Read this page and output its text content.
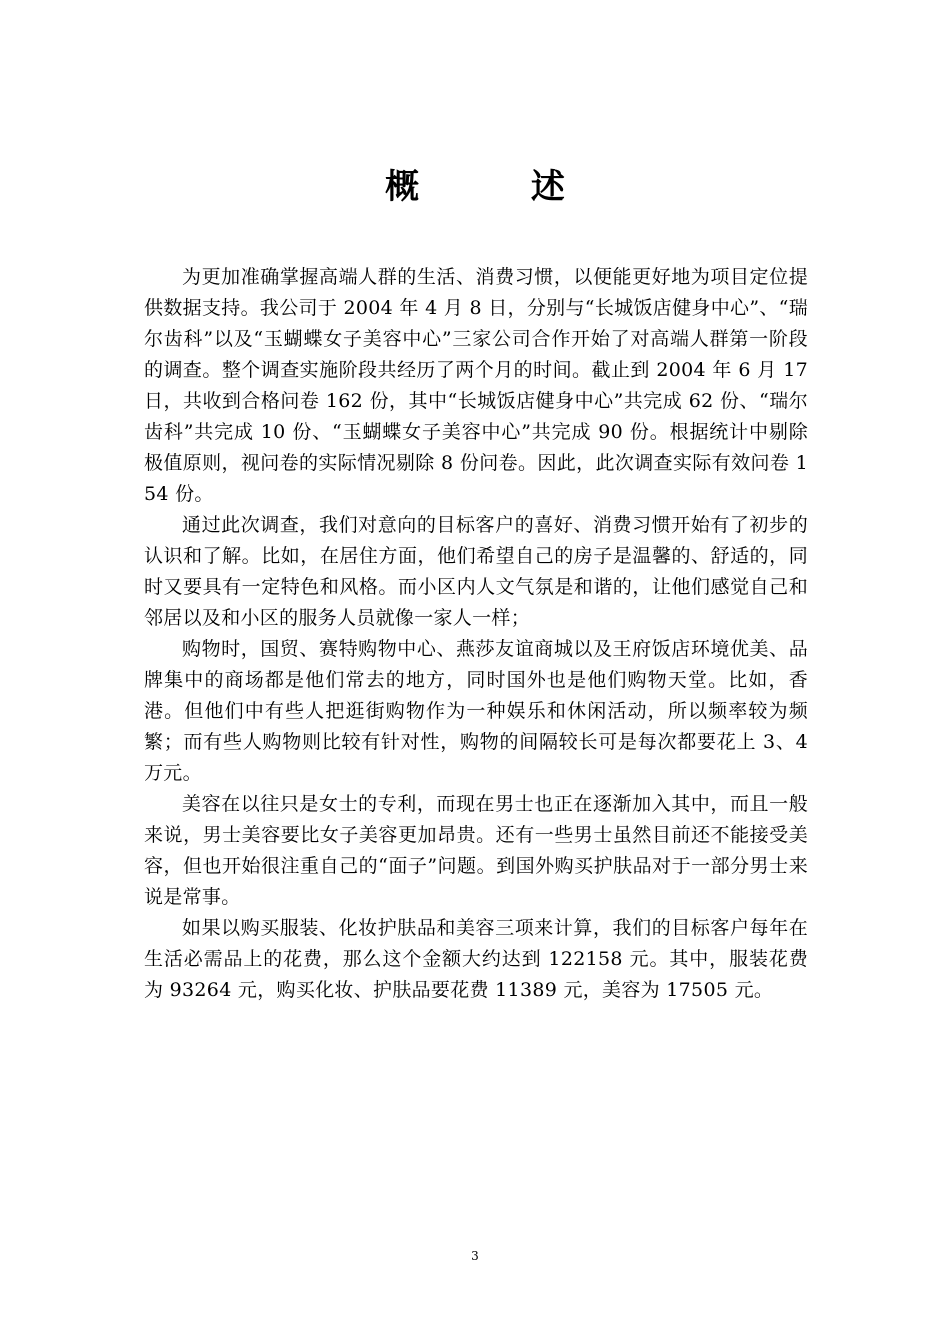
概 述

为更加准确掌握高端人群的生活、消费习惯，以便能更好地为项目定位提供数据支持。我公司于 2004 年 4 月 8 日，分别与“长城饭店健身中心”、“瑞尔齿科”以及“玉蝴蝶女子美容中心”三家公司合作开始了对高端人群第一阶段的调查。整个调查实施阶段共经历了两个月的时间。截止到 2004 年 6 月 17 日，共收到合格问卷 162 份，其中“长城饭店健身中心”共完成 62 份、“瑞尔齿科”共完成 10 份、“玉蝴蝶女子美容中心”共完成 90 份。根据统计中剔除极值原则，视问卷的实际情况剔除 8 份问卷。因此，此次调查实际有效问卷 154 份。

通过此次调查，我们对意向的目标客户的喜好、消费习惯开始有了初步的认识和了解。比如，在居住方面，他们希望自己的房子是温馨的、舒适的，同时又要具有一定特色和风格。而小区内人文气氛是和谐的，让他们感觉自己和邻居以及和小区的服务人员就像一家人一样；

购物时，国贸、赛特购物中心、燕莎友谊商城以及王府饭店环境优美、品牌集中的商场都是他们常去的地方，同时国外也是他们购物天堂。比如，香港。但他们中有些人把逛街购物作为一种娱乐和休闲活动，所以频率较为频繁；而有些人购物则比较有针对性，购物的间隔较长可是每次都要花上 3、4 万元。

美容在以往只是女士的专利，而现在男士也正在逐渐加入其中，而且一般来说，男士美容要比女子美容更加昂贵。还有一些男士虽然目前还不能接受美容，但也开始很注重自己的“面子”问题。到国外购买护肤品对于一部分男士来说是常事。

如果以购买服装、化妆护肤品和美容三项来计算，我们的目标客户每年在生活必需品上的花费，那么这个金额大约达到 122158 元。其中，服装花费为 93264 元，购买化妆、护肤品要花费 11389 元，美容为 17505 元。

3
